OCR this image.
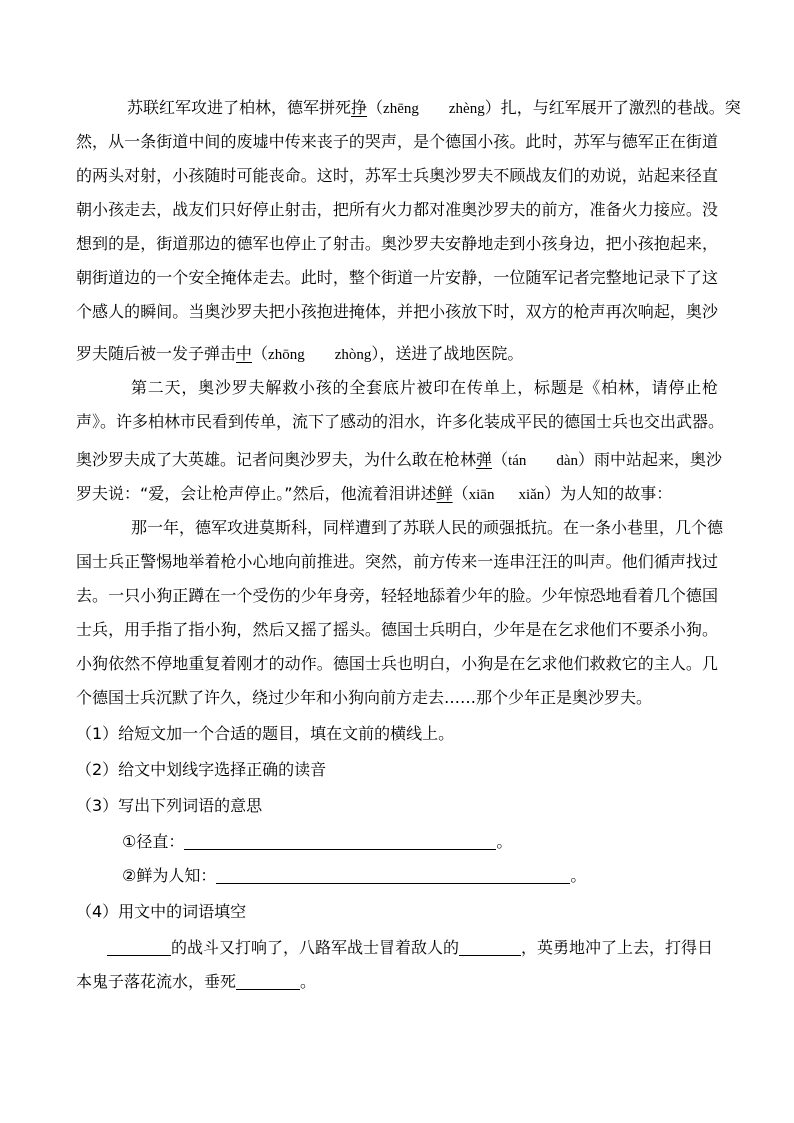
苏联红军攻进了柏林，德军拼死挣（zhēng zhèng）扎，与红军展开了激烈的巷战。突
然，从一条街道中间的废墟中传来丧子的哭声，是个德国小孩。此时，苏军与德军正在街道
的两头对射，小孩随时可能丧命。这时，苏军士兵奥沙罗夫不顾战友们的劝说，站起来径直
朝小孩走去，战友们只好停止射击，把所有火力都对准奥沙罗夫的前方，准备火力接应。没
想到的是，街道那边的德军也停止了射击。奥沙罗夫安静地走到小孩身边，把小孩抱起来，
朝街道边的一个安全掩体走去。此时，整个街道一片安静，一位随军记者完整地记录下了这
个感人的瞬间。当奥沙罗夫把小孩抱进掩体，并把小孩放下时，双方的枪声再次响起，奥沙
罗夫随后被一发子弹击中（zhōng zhòng），送进了战地医院。
第二天，奥沙罗夫解救小孩的全套底片被印在传单上，标题是《柏林，请停止枪
声》。许多柏林市民看到传单，流下了感动的泪水，许多化装成平民的德国士兵也交出武器。
奥沙罗夫成了大英雄。记者问奥沙罗夫，为什么敢在枪林弹（tán dàn）雨中站起来，奥沙
罗夫说：“爱，会让枪声停止。”然后，他流着泪讲述鲜（xiān xiǎn）为人知的故事：
那一年，德军攻进莫斯科，同样遭到了苏联人民的顽强抵抗。在一条小巷里，几个德
国士兵正警惕地举着枪小心地向前推进。突然，前方传来一连串汪汪的叫声。他们循声找过
去。一只小狗正蹲在一个受伤的少年身旁，轻轻地舔着少年的脸。少年惊恐地看着几个德国
士兵，用手指了指小狗，然后又摇了摇头。德国士兵明白，少年是在乞求他们不要杀小狗。
小狗依然不停地重复着刚才的动作。德国士兵也明白，小狗是在乞求他们救救它的主人。几
个德国士兵沉默了许久，绕过少年和小狗向前方走去……那个少年正是奥沙罗夫。
（1）给短文加一个合适的题目，填在文前的横线上。
（2）给文中划线字选择正确的读音
（3）写出下列词语的意思
①径直：	。
②鲜为人知：	。
（4）用文中的词语填空
的战斗又打响了，八路军战士冒着敌人的	，英勇地冲了上去，打得日
本鬼子落花流水，垂死	。
